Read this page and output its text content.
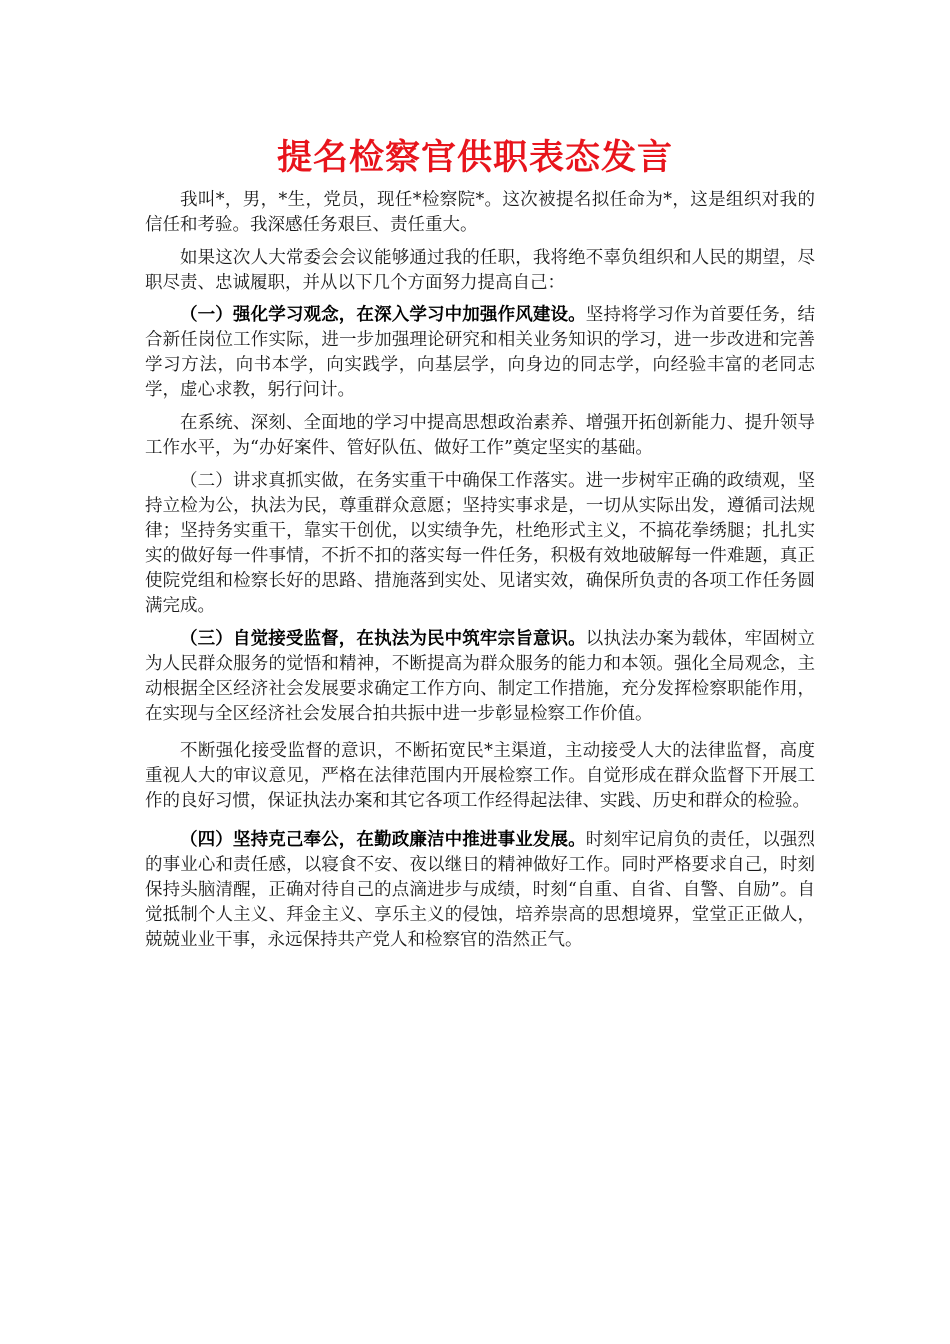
提名检察官供职表态发言

我叫*，男，*生，党员，现任*检察院*。这次被提名拟任命为*，这是组织对我的信任和考验。我深感任务艰巨、责任重大。

如果这次人大常委会会议能够通过我的任职，我将绝不辜负组织和人民的期望，尽职尽责、忠诚履职，并从以下几个方面努力提高自己：

（一）强化学习观念，在深入学习中加强作风建设。坚持将学习作为首要任务，结合新任岗位工作实际，进一步加强理论研究和相关业务知识的学习，进一步改进和完善学习方法，向书本学，向实践学，向基层学，向身边的同志学，向经验丰富的老同志学，虚心求教，躬行问计。

在系统、深刻、全面地的学习中提高思想政治素养、增强开拓创新能力、提升领导工作水平，为“办好案件、管好队伍、做好工作”奠定坚实的基础。

（二）讲求真抓实做，在务实重干中确保工作落实。进一步树牢正确的政绩观，坚持立检为公，执法为民，尊重群众意愿；坚持实事求是，一切从实际出发，遵循司法规律；坚持务实重干，靠实干创优，以实绩争先，杜绝形式主义，不搞花拳绣腿；扎扎实实的做好每一件事情，不折不扣的落实每一件任务，积极有效地破解每一件难题，真正使院党组和检察长好的思路、措施落到实处、见诸实效，确保所负责的各项工作任务圆满完成。

（三）自觉接受监督，在执法为民中筑牢宗旨意识。以执法办案为载体，牢固树立为人民群众服务的觉悟和精神，不断提高为群众服务的能力和本领。强化全局观念，主动根据全区经济社会发展要求确定工作方向、制定工作措施，充分发挥检察职能作用，在实现与全区经济社会发展合拍共振中进一步彰显检察工作价值。

不断强化接受监督的意识，不断拓宽民*主渠道，主动接受人大的法律监督，高度重视人大的审议意见，严格在法律范围内开展检察工作。自觉形成在群众监督下开展工作的良好习惯，保证执法办案和其它各项工作经得起法律、实践、历史和群众的检验。

（四）坚持克己奉公，在勤政廉洁中推进事业发展。时刻牢记肩负的责任，以强烈的事业心和责任感，以寝食不安、夜以继日的精神做好工作。同时严格要求自己，时刻保持头脑清醒，正确对待自己的点滴进步与成绩，时刻“自重、自省、自警、自励”。自觉抵制个人主义、拜金主义、享乐主义的侵蚀，培养崇高的思想境界，堂堂正正做人，兢兢业业干事，永远保持共产党人和检察官的浩然正气。
